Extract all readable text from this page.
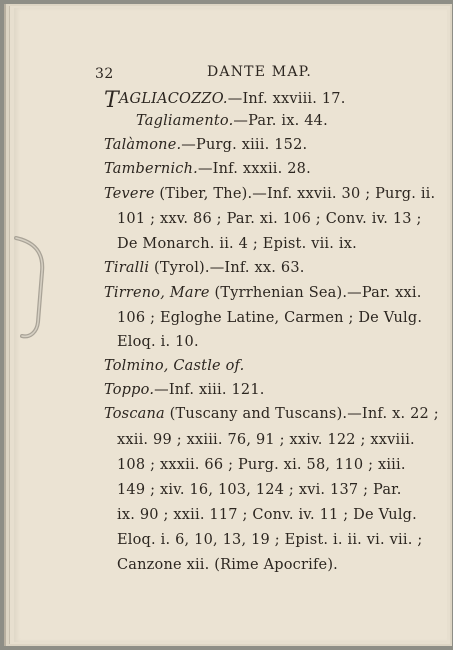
32	DANTE MAP.
TAGLIACOZZO.—Inf. xxviii. 17.
Tagliamento.—Par. ix. 44.
Talàmone.—Purg. xiii. 152.
Tambernich.—Inf. xxxii. 28.
Tevere (Tiber, The).—Inf. xxvii. 30 ; Purg. ii.
101 ; xxv. 86 ; Par. xi. 106 ; Conv. iv. 13 ;
De Monarch. ii. 4 ; Epist. vii. ix.
Tiralli (Tyrol).—Inf. xx. 63.
Tirreno, Mare (Tyrrhenian Sea).—Par. xxi.
106 ; Egloghe Latine, Carmen ; De Vulg.
Eloq. i. 10.
Tolmino, Castle of.
Toppo.—Inf. xiii. 121.
Toscana (Tuscany and Tuscans).—Inf. x. 22 ;
xxii. 99 ; xxiii. 76, 91 ; xxiv. 122 ; xxviii.
108 ; xxxii. 66 ; Purg. xi. 58, 110 ; xiii.
149 ; xiv. 16, 103, 124 ; xvi. 137 ; Par.
ix. 90 ; xxii. 117 ; Conv. iv. 11 ; De Vulg.
Eloq. i. 6, 10, 13, 19 ; Epist. i. ii. vi. vii. ;
Canzone xii. (Rime Apocrife).
